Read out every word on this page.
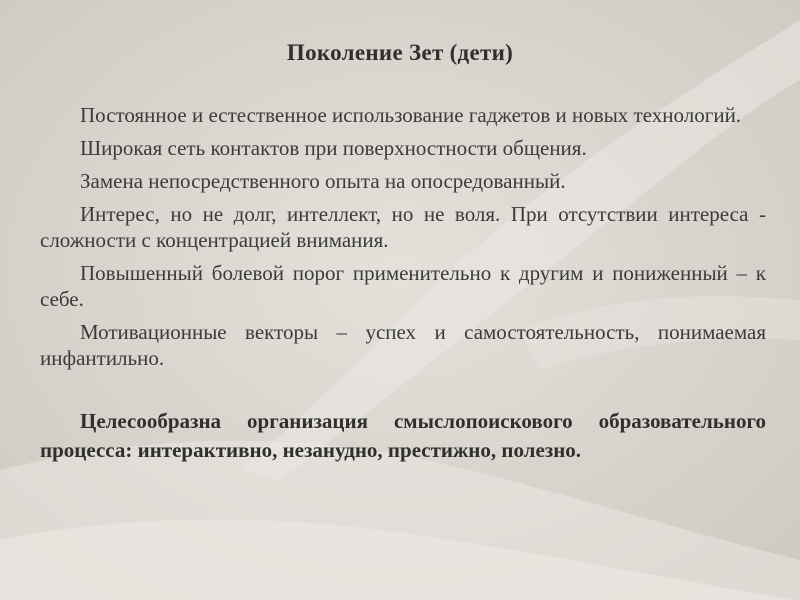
Поколение Зет (дети)

Постоянное и естественное использование гаджетов и новых технологий.

Широкая сеть контактов при поверхностности общения.

Замена непосредственного опыта на опосредованный.

Интерес, но не долг, интеллект, но не воля. При отсутствии интереса - сложности с концентрацией внимания.

Повышенный болевой порог применительно к другим и пониженный – к себе.

Мотивационные векторы – успех и самостоятельность, понимаемая инфантильно.

Целесообразна организация смыслопоискового образовательного процесса: интерактивно, незанудно, престижно, полезно.
